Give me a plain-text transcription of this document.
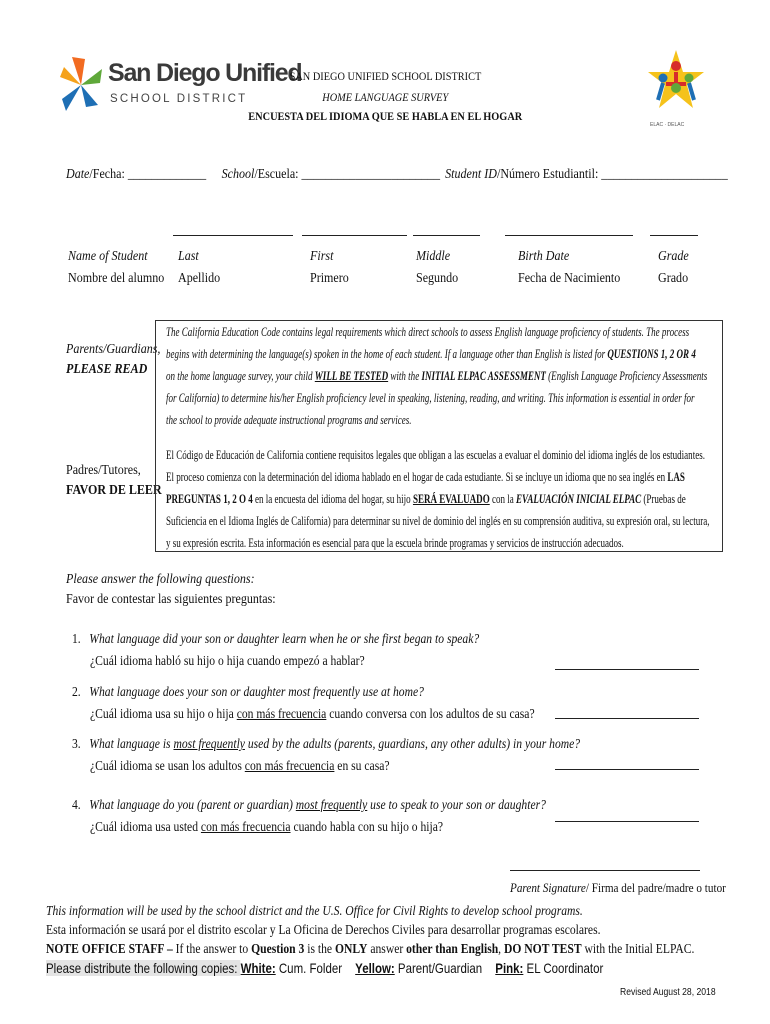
San Diego Unified
SCHOOL DISTRICT
ELAC · DELAC
SAN DIEGO UNIFIED SCHOOL DISTRICT
HOME LANGUAGE SURVEY
ENCUESTA DEL IDIOMA QUE SE HABLA EN EL HOGAR
Date/Fecha: _____________ School/Escuela: _______________________ Student ID/Número Estudiantil: _____________________
Name of Student
Nombre del alumno
Last
Apellido
First
Primero
Middle
Segundo
Birth Date
Fecha de Nacimiento
Grade
Grado
Parents/Guardians,
PLEASE READ
Padres/Tutores,
FAVOR DE LEER

The California Education Code contains legal requirements which direct schools to assess English language proficiency of students. The process

begins with determining the language(s) spoken in the home of each student. If a language other than English is listed for QUESTIONS 1, 2 OR 4

on the home language survey, your child WILL BE TESTED with the INITIAL ELPAC ASSESSMENT (English Language Proficiency Assessments

for California) to determine his/her English proficiency level in speaking, listening, reading, and writing. This information is essential in order for

the school to provide adequate instructional programs and services.

El Código de Educación de California contiene requisitos legales que obligan a las escuelas a evaluar el dominio del idioma inglés de los estudiantes.

El proceso comienza con la determinación del idioma hablado en el hogar de cada estudiante. Si se incluye un idioma que no sea inglés en LAS

PREGUNTAS 1, 2 O 4 en la encuesta del idioma del hogar, su hijo SERÁ EVALUADO con la EVALUACIÓN INICIAL ELPAC (Pruebas de

Suficiencia en el Idioma Inglés de California) para determinar su nivel de dominio del inglés en su comprensión auditiva, su expresión oral, su lectura,

y su expresión escrita. Esta información es esencial para que la escuela brinde programas y servicios de instrucción adecuados.

Please answer the following questions:
Favor de contestar las siguientes preguntas:
1. What language did your son or daughter learn when he or she first began to speak?
¿Cuál idioma habló su hijo o hija cuando empezó a hablar?
2. What language does your son or daughter most frequently use at home?
¿Cuál idioma usa su hijo o hija con más frecuencia cuando conversa con los adultos de su casa?
3. What language is most frequently used by the adults (parents, guardians, any other adults) in your home?
¿Cuál idioma se usan los adultos con más frecuencia en su casa?
4. What language do you (parent or guardian) most frequently use to speak to your son or daughter?
¿Cuál idioma usa usted con más frecuencia cuando habla con su hijo o hija?
Parent Signature/ Firma del padre/madre o tutor
This information will be used by the school district and the U.S. Office for Civil Rights to develop school programs.
Esta información se usará por el distrito escolar y La Oficina de Derechos Civiles para desarrollar programas escolares.
NOTE OFFICE STAFF – If the answer to Question 3 is the ONLY answer other than English, DO NOT TEST with the Initial ELPAC.
Please distribute the following copies: White: Cum. Folder Yellow: Parent/Guardian Pink: EL Coordinator
Revised August 28, 2018
